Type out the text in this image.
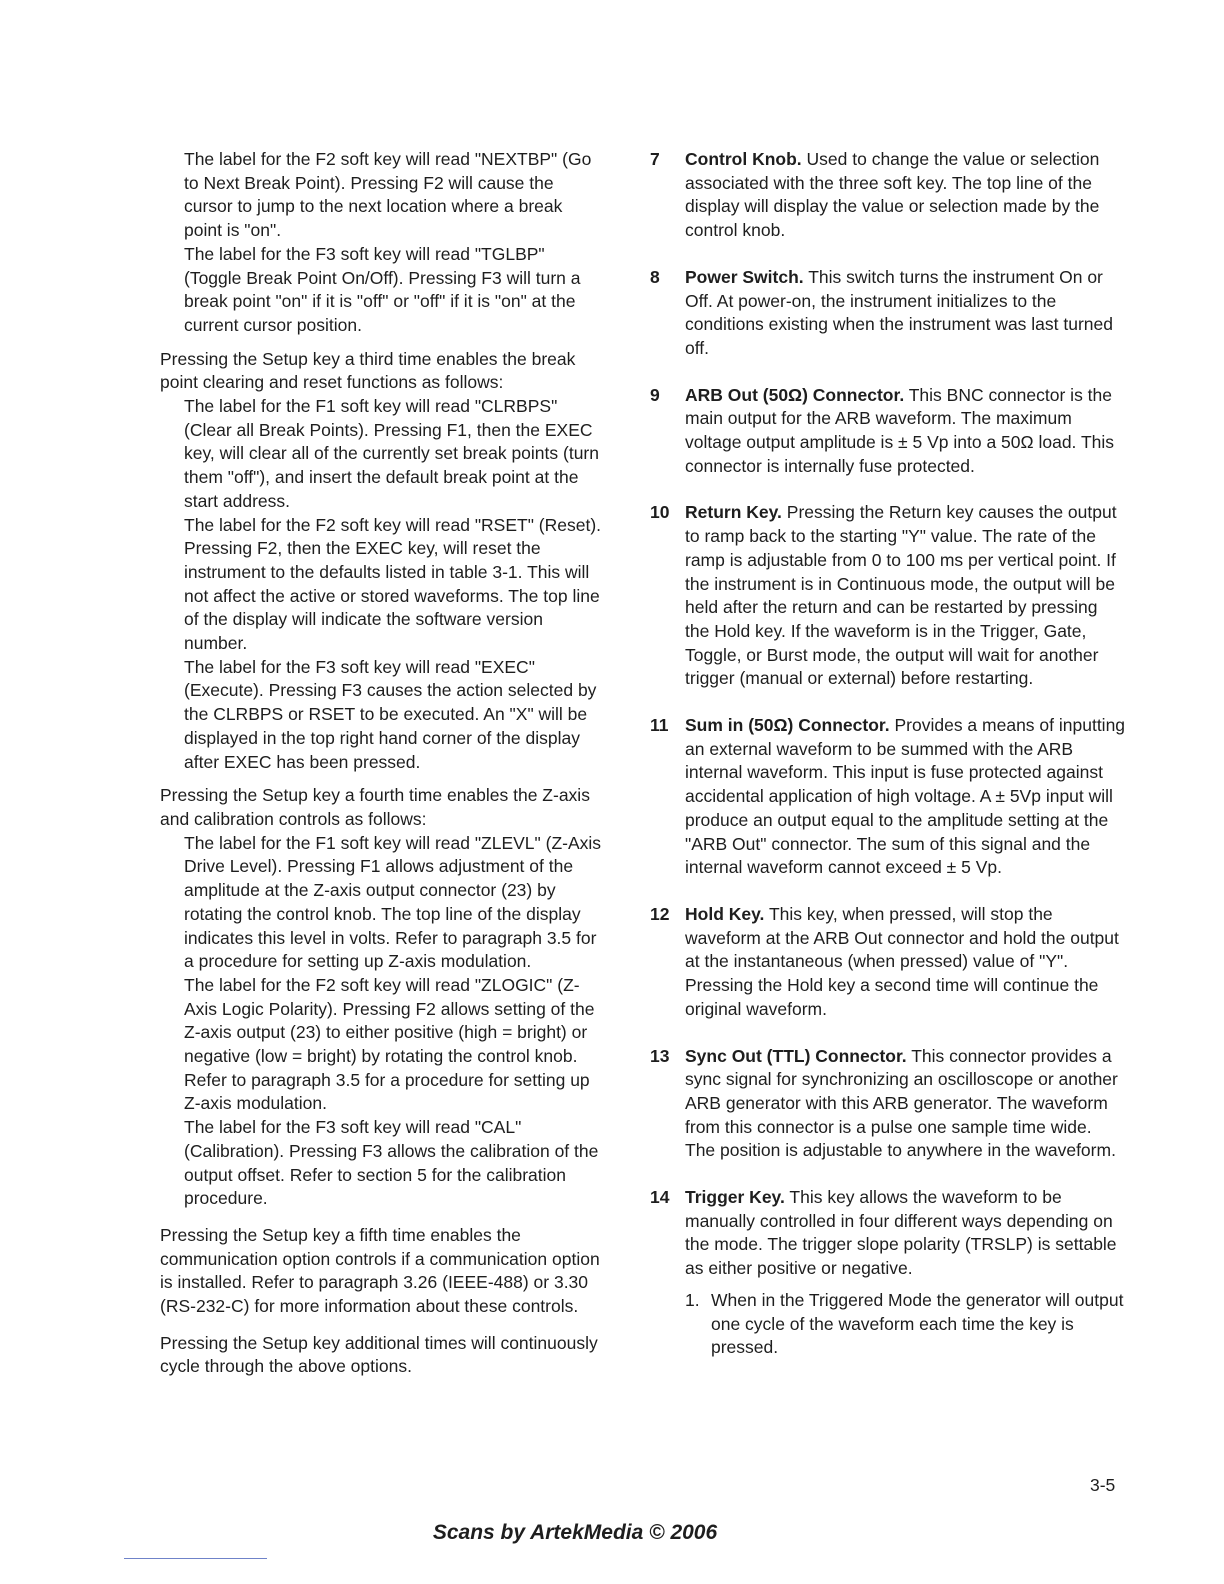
The label for the F2 soft key will read "NEXTBP" (Go to Next Break Point). Pressing F2 will cause the cursor to jump to the next location where a break point is "on".

The label for the F3 soft key will read "TGLBP" (Toggle Break Point On/Off). Pressing F3 will turn a break point "on" if it is "off" or "off" if it is "on" at the current cursor position.

Pressing the Setup key a third time enables the break point clearing and reset functions as follows:

The label for the F1 soft key will read "CLRBPS" (Clear all Break Points). Pressing F1, then the EXEC key, will clear all of the currently set break points (turn them "off"), and insert the default break point at the start address.

The label for the F2 soft key will read "RSET" (Reset). Pressing F2, then the EXEC key, will reset the instrument to the defaults listed in table 3-1. This will not affect the active or stored waveforms. The top line of the display will indicate the software version number.

The label for the F3 soft key will read "EXEC" (Execute). Pressing F3 causes the action selected by the CLRBPS or RSET to be executed. An "X" will be displayed in the top right hand corner of the display after EXEC has been pressed.

Pressing the Setup key a fourth time enables the Z-axis and calibration controls as follows:

The label for the F1 soft key will read "ZLEVL" (Z-Axis Drive Level). Pressing F1 allows adjustment of the amplitude at the Z-axis output connector (23) by rotating the control knob. The top line of the display indicates this level in volts. Refer to paragraph 3.5 for a procedure for setting up Z-axis modulation.

The label for the F2 soft key will read "ZLOGIC" (Z-Axis Logic Polarity). Pressing F2 allows setting of the Z-axis output (23) to either positive (high = bright) or negative (low = bright) by rotating the control knob. Refer to paragraph 3.5 for a procedure for setting up Z-axis modulation.

The label for the F3 soft key will read "CAL" (Calibration). Pressing F3 allows the calibration of the output offset. Refer to section 5 for the calibration procedure.

Pressing the Setup key a fifth time enables the communication option controls if a communication option is installed. Refer to paragraph 3.26 (IEEE-488) or 3.30 (RS-232-C) for more information about these controls.

Pressing the Setup key additional times will continuously cycle through the above options.

7	Control Knob. Used to change the value or selection associated with the three soft key. The top line of the display will display the value or selection made by the control knob.
8	Power Switch. This switch turns the instrument On or Off. At power-on, the instrument initializes to the conditions existing when the instrument was last turned off.
9	ARB Out (50Ω) Connector. This BNC connector is the main output for the ARB waveform. The maximum voltage output amplitude is ± 5 Vp into a 50Ω load. This connector is internally fuse protected.
10 Return Key. Pressing the Return key causes the output to ramp back to the starting "Y" value. The rate of the ramp is adjustable from 0 to 100 ms per vertical point. If the instrument is in Continuous mode, the output will be held after the return and can be restarted by pressing the Hold key. If the waveform is in the Trigger, Gate, Toggle, or Burst mode, the output will wait for another trigger (manual or external) before restarting.
11 Sum in (50Ω) Connector. Provides a means of inputting an external waveform to be summed with the ARB internal waveform. This input is fuse protected against accidental application of high voltage. A ± 5Vp input will produce an output equal to the amplitude setting at the "ARB Out" connector. The sum of this signal and the internal waveform cannot exceed ± 5 Vp.
12 Hold Key. This key, when pressed, will stop the waveform at the ARB Out connector and hold the output at the instantaneous (when pressed) value of "Y". Pressing the Hold key a second time will continue the original waveform.
13 Sync Out (TTL) Connector. This connector provides a sync signal for synchronizing an oscilloscope or another ARB generator with this ARB generator. The waveform from this connector is a pulse one sample time wide. The position is adjustable to anywhere in the waveform.
14 Trigger Key. This key allows the waveform to be manually controlled in four different ways depending on the mode. The trigger slope polarity (TRSLP) is settable as either positive or negative.
1. When in the Triggered Mode the generator will output one cycle of the waveform each time the key is pressed.
3-5
Scans by ArtekMedia © 2006
